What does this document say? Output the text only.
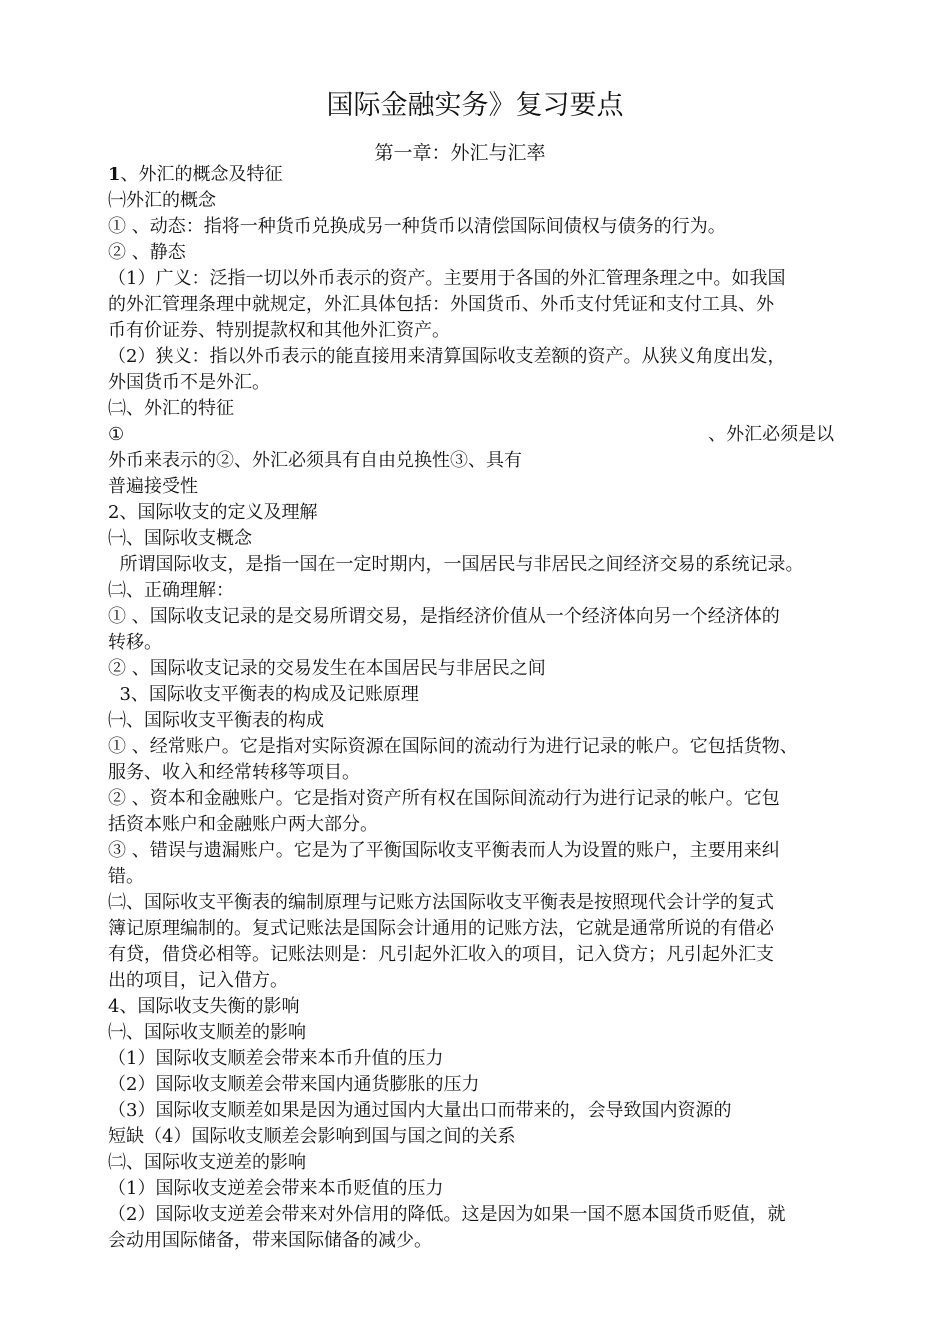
国际金融实务》复习要点
第一章：外汇与汇率
1、外汇的概念及特征
㈠外汇的概念
① 、动态：指将一种货币兑换成另一种货币以清偿国际间债权与债务的行为。
② 、静态
（1）广义：泛指一切以外币表示的资产。主要用于各国的外汇管理条理之中。如我国
的外汇管理条理中就规定，外汇具体包括：外国货币、外币支付凭证和支付工具、外
币有价证券、特别提款权和其他外汇资产。
（2）狭义：指以外币表示的能直接用来清算国际收支差额的资产。从狭义角度出发，
外国货币不是外汇。
㈡、外汇的特征
①	、外汇必须是以
外币来表示的②、外汇必须具有自由兑换性③、具有
普遍接受性
2、国际收支的定义及理解
㈠、国际收支概念
所谓国际收支，是指一国在一定时期内，一国居民与非居民之间经济交易的系统记录。
㈡、正确理解：
① 、国际收支记录的是交易所谓交易，是指经济价值从一个经济体向另一个经济体的
转移。
② 、国际收支记录的交易发生在本国居民与非居民之间
3、国际收支平衡表的构成及记账原理
㈠、国际收支平衡表的构成
① 、经常账户。它是指对实际资源在国际间的流动行为进行记录的帐户。它包括货物、
服务、收入和经常转移等项目。
② 、资本和金融账户。它是指对资产所有权在国际间流动行为进行记录的帐户。它包
括资本账户和金融账户两大部分。
③ 、错误与遗漏账户。它是为了平衡国际收支平衡表而人为设置的账户，主要用来纠
错。
㈡、国际收支平衡表的编制原理与记账方法国际收支平衡表是按照现代会计学的复式
簿记原理编制的。复式记账法是国际会计通用的记账方法，它就是通常所说的有借必
有贷，借贷必相等。记账法则是：凡引起外汇收入的项目，记入贷方；凡引起外汇支
出的项目，记入借方。
4、国际收支失衡的影响
㈠、国际收支顺差的影响
（1）国际收支顺差会带来本币升值的压力
（2）国际收支顺差会带来国内通货膨胀的压力
（3）国际收支顺差如果是因为通过国内大量出口而带来的，会导致国内资源的
短缺（4）国际收支顺差会影响到国与国之间的关系
㈡、国际收支逆差的影响
（1）国际收支逆差会带来本币贬值的压力
（2）国际收支逆差会带来对外信用的降低。这是因为如果一国不愿本国货币贬值，就
会动用国际储备，带来国际储备的减少。
